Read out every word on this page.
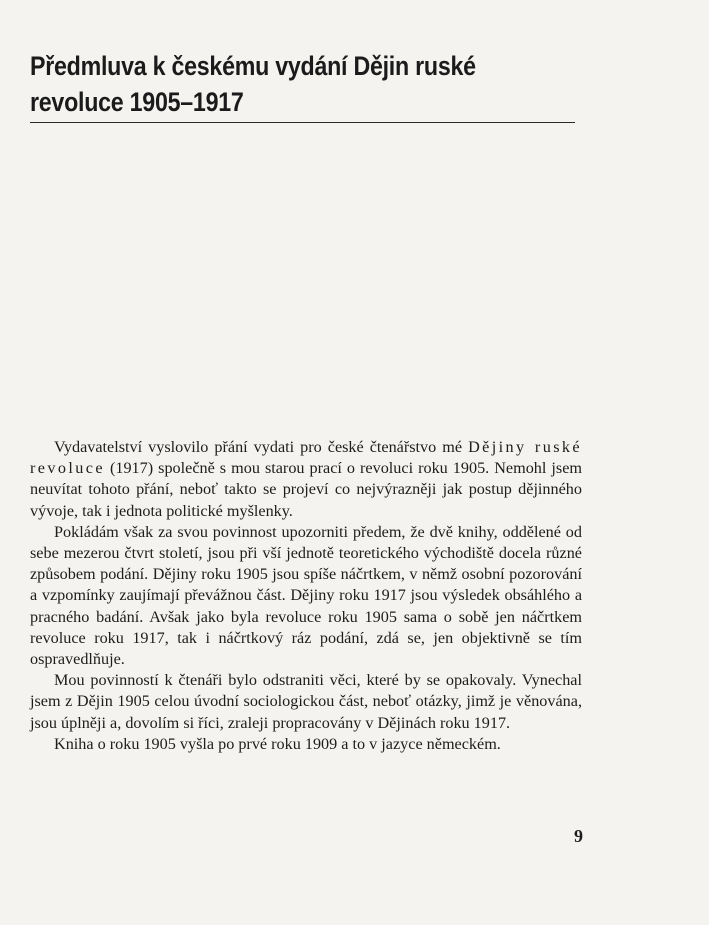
Předmluva k českému vydání Dějin ruské
revoluce 1905–1917

Vydavatelství vyslovilo přání vydati pro české čtenářstvo mé Dějiny ruské revoluce (1917) společně s mou starou prací o revoluci roku 1905. Nemohl jsem neuvítat tohoto přání, neboť takto se projeví co nejvýrazněji jak postup dějinného vývoje, tak i jednota politické myšlenky.

Pokládám však za svou povinnost upozorniti předem, že dvě knihy, oddělené od sebe mezerou čtvrt století, jsou při vší jednotě teoretického východiště docela různé způsobem podání. Dějiny roku 1905 jsou spíše náčrtkem, v němž osobní pozorování a vzpomínky zaujímají převážnou část. Dějiny roku 1917 jsou výsledek obsáhlého a pracného badání. Avšak jako byla revoluce roku 1905 sama o sobě jen náčrtkem revoluce roku 1917, tak i náčrtkový ráz podání, zdá se, jen objektivně se tím ospravedlňuje.

Mou povinností k čtenáři bylo odstraniti věci, které by se opakovaly. Vynechal jsem z Dějin 1905 celou úvodní sociologickou část, neboť otázky, jimž je věnována, jsou úplněji a, dovolím si říci, zraleji propracovány v Dějinách roku 1917.

Kniha o roku 1905 vyšla po prvé roku 1909 a to v jazyce německém.

9
